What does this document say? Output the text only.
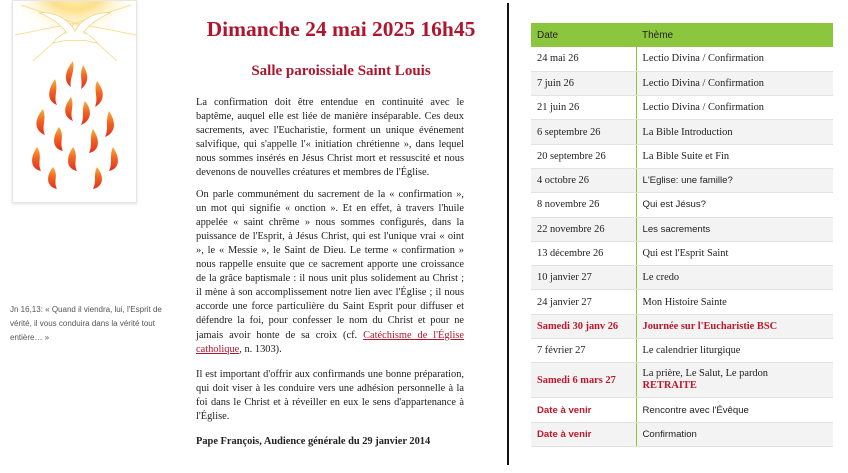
Jn 16,13: « Quand il viendra, lui, l'Esprit de vérité, il vous conduira dans la vérité tout entière… »
Dimanche 24 mai 2025 16h45
Salle paroissiale Saint Louis

La confirmation doit être entendue en continuité avec le baptême, auquel elle est liée de manière inséparable. Ces deux sacrements, avec l'Eucharistie, forment un unique événement salvifique, qui s'appelle l'« initiation chrétienne », dans lequel nous sommes insérés en Jésus Christ mort et ressuscité et nous devenons de nouvelles créatures et membres de l'Église.

On parle communément du sacrement de la « confirmation », un mot qui signifie « onction ». Et en effet, à travers l'huile appelée « saint chrême » nous sommes configurés, dans la puissance de l'Esprit, à Jésus Christ, qui est l'unique vrai « oint », le « Messie », le Saint de Dieu. Le terme « confirmation » nous rappelle ensuite que ce sacrement apporte une croissance de la grâce baptismale : il nous unit plus solidement au Christ ; il mène à son accomplissement notre lien avec l'Église ; il nous accorde une force particulière du Saint Esprit pour diffuser et défendre la foi, pour confesser le nom du Christ et pour ne jamais avoir honte de sa croix (cf. Catéchisme de l'Église catholique, n. 1303).

Il est important d'offrir aux confirmands une bonne préparation, qui doit viser à les conduire vers une adhésion personnelle à la foi dans le Christ et à réveiller en eux le sens d'appartenance à l'Église.

Pape François, Audience générale du 29 janvier 2014
Date	Thème
24 mai 26	Lectio Divina / Confirmation
7 juin 26	Lectio Divina / Confirmation
21 juin 26	Lectio Divina / Confirmation
6 septembre 26	La Bible Introduction
20 septembre 26	La Bible Suite et Fin
4 octobre 26	L'Eglise: une famille?
8 novembre 26	Qui est Jésus?
22 novembre 26	Les sacrements
13 décembre 26	Qui est l'Esprit Saint
10 janvier 27	Le credo
24 janvier 27	Mon Histoire Sainte
Samedi 30 janv 26	Journée sur l'Eucharistie BSC
7 février 27	Le calendrier liturgique
Samedi 6 mars 27	La prière, Le Salut, Le pardon
RETRAITE

Date à venir	Rencontre avec l'Évêque
Date à venir	Confirmation
